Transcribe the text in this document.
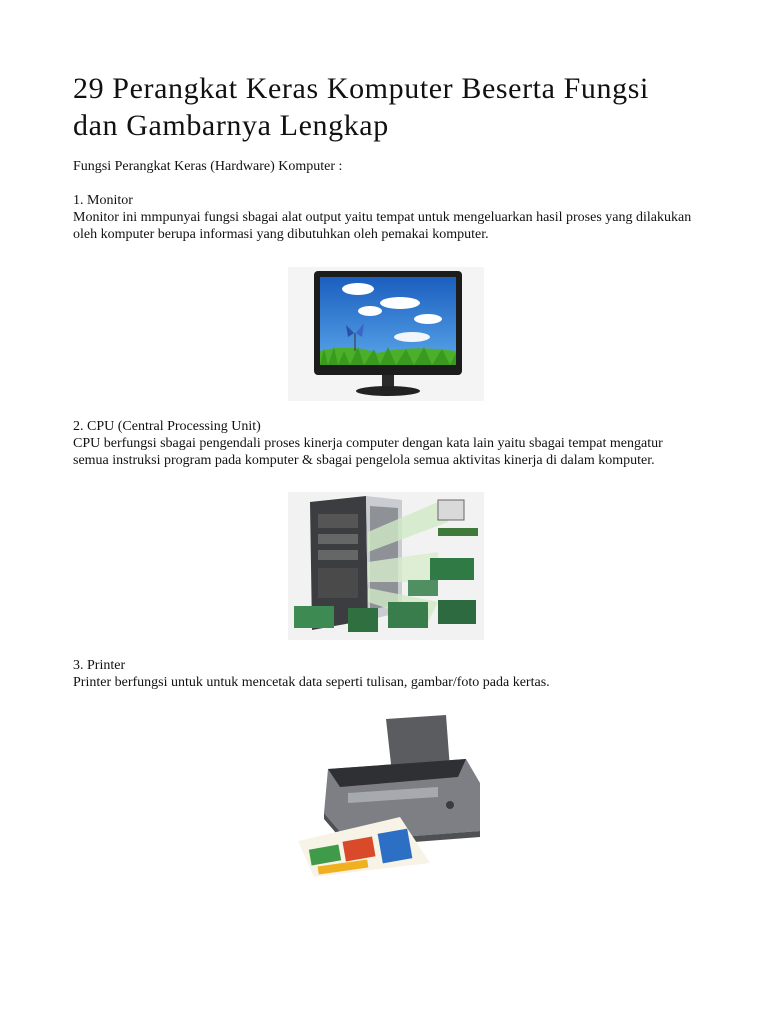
29 Perangkat Keras Komputer Beserta Fungsi dan Gambarnya Lengkap

Fungsi Perangkat Keras (Hardware) Komputer :

1. Monitor

Monitor ini mmpunyai fungsi sbagai alat output yaitu tempat untuk mengeluarkan hasil proses yang dilakukan oleh komputer berupa informasi yang dibutuhkan oleh pemakai komputer.

2. CPU (Central Processing Unit)

CPU berfungsi sbagai pengendali proses kinerja computer dengan kata lain yaitu sbagai tempat mengatur semua instruksi program pada komputer & sbagai pengelola semua aktivitas kinerja di dalam komputer.

3. Printer

Printer berfungsi untuk untuk mencetak data seperti tulisan, gambar/foto pada kertas.
